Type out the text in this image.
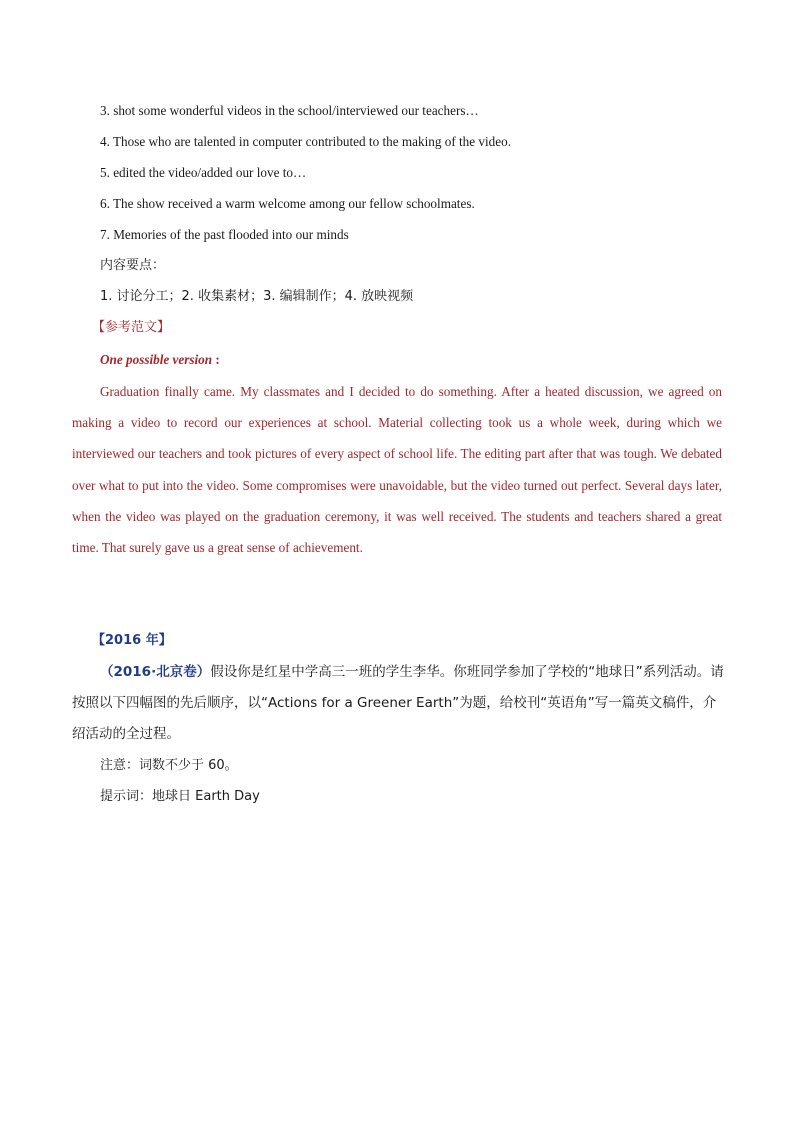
3. shot some wonderful videos in the school/interviewed our teachers…
4. Those who are talented in computer contributed to the making of the video.
5. edited the video/added our love to…
6. The show received a warm welcome among our fellow schoolmates.
7. Memories of the past flooded into our minds
内容要点：
1. 讨论分工；2. 收集素材；3. 编辑制作；4. 放映视频
【参考范文】
One possible version :
Graduation finally came. My classmates and I decided to do something. After a heated discussion, we agreed on making a video to record our experiences at school. Material collecting took us a whole week, during which we interviewed our teachers and took pictures of every aspect of school life. The editing part after that was tough. We debated over what to put into the video. Some compromises were unavoidable, but the video turned out perfect. Several days later, when the video was played on the graduation ceremony, it was well received. The students and teachers shared a great time. That surely gave us a great sense of achievement.
【2016 年】
（2016·北京卷）假设你是红星中学高三一班的学生李华。你班同学参加了学校的“地球日”系列活动。请按照以下四幅图的先后顺序，以“Actions for a Greener Earth”为题，给校刊“英语角”写一篇英文稿件，介绍活动的全过程。
注意：词数不少于 60。
提示词：地球日 Earth Day
